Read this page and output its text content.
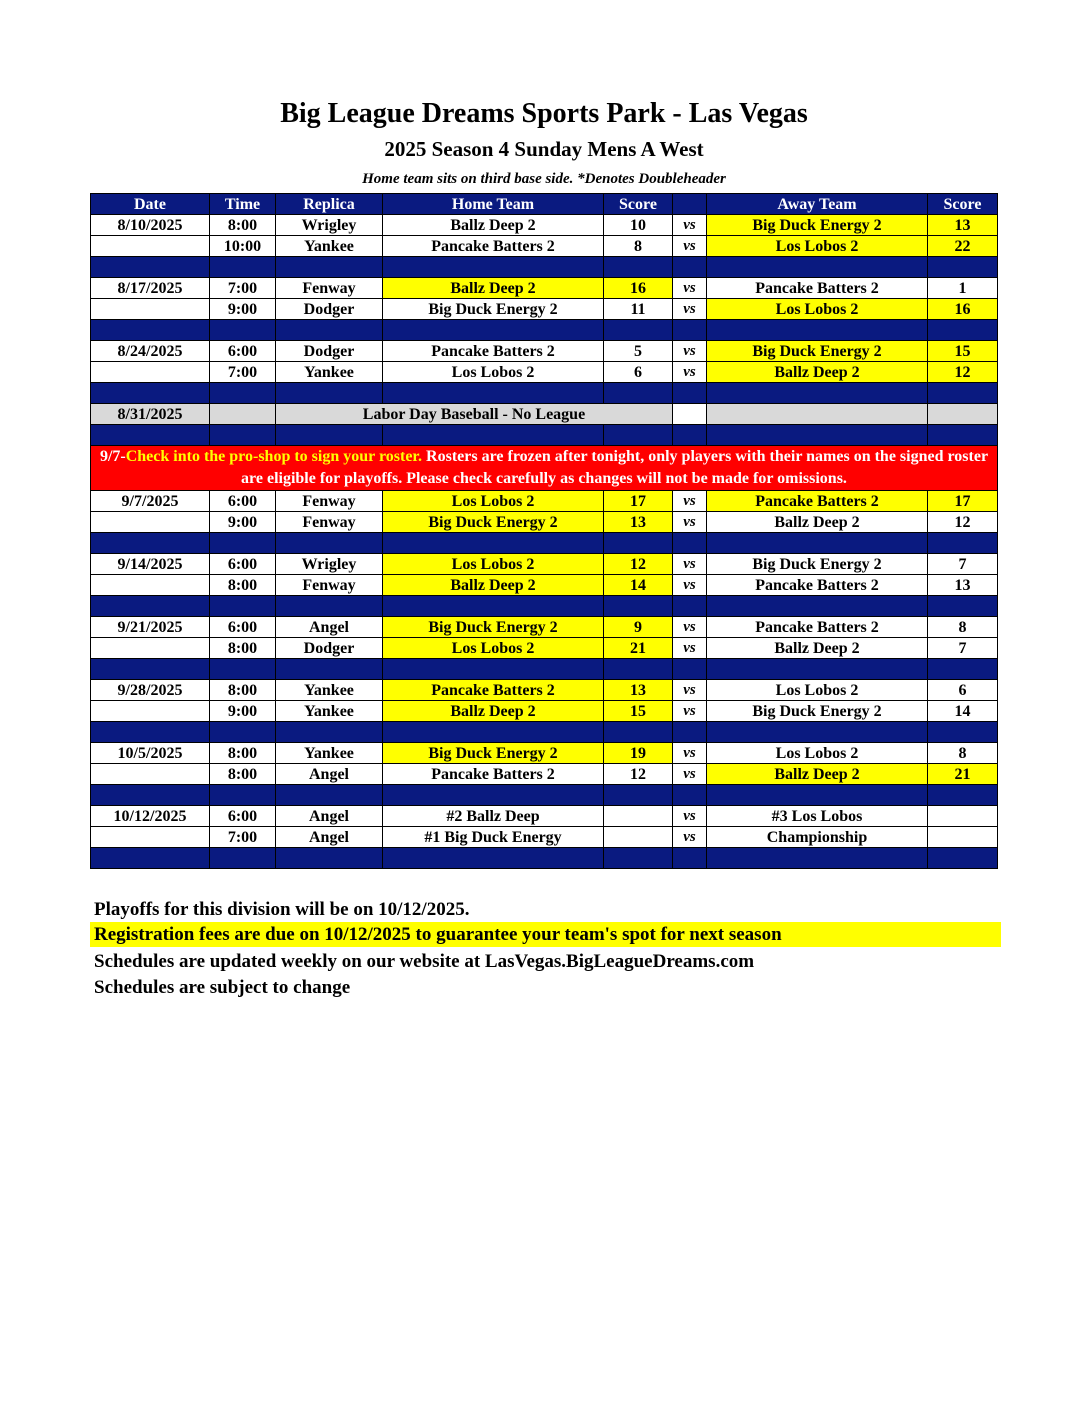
Big League Dreams Sports Park - Las Vegas
2025 Season 4 Sunday Mens A West
Home team sits on third base side. *Denotes Doubleheader
Date	Time	Replica	Home Team	Score		Away Team	Score
8/10/2025	8:00	Wrigley	Ballz Deep 2	10	vs	Big Duck Energy 2	13
	10:00	Yankee	Pancake Batters 2	8	vs	Los Lobos 2	22

8/17/2025	7:00	Fenway	Ballz Deep 2	16	vs	Pancake Batters 2	1
	9:00	Dodger	Big Duck Energy 2	11	vs	Los Lobos 2	16

8/24/2025	6:00	Dodger	Pancake Batters 2	5	vs	Big Duck Energy 2	15
	7:00	Yankee	Los Lobos 2	6	vs	Ballz Deep 2	12

8/31/2025		Labor Day Baseball - No League					

9/7-Check into the pro-shop to sign your roster. Rosters are frozen after tonight, only players with their names on the signed roster are eligible for playoffs. Please check carefully as changes will not be made for omissions.							
9/7/2025	6:00	Fenway	Los Lobos 2	17	vs	Pancake Batters 2	17
	9:00	Fenway	Big Duck Energy 2	13	vs	Ballz Deep 2	12

9/14/2025	6:00	Wrigley	Los Lobos 2	12	vs	Big Duck Energy 2	7
	8:00	Fenway	Ballz Deep 2	14	vs	Pancake Batters 2	13

9/21/2025	6:00	Angel	Big Duck Energy 2	9	vs	Pancake Batters 2	8
	8:00	Dodger	Los Lobos 2	21	vs	Ballz Deep 2	7

9/28/2025	8:00	Yankee	Pancake Batters 2	13	vs	Los Lobos 2	6
	9:00	Yankee	Ballz Deep 2	15	vs	Big Duck Energy 2	14

10/5/2025	8:00	Yankee	Big Duck Energy 2	19	vs	Los Lobos 2	8
	8:00	Angel	Pancake Batters 2	12	vs	Ballz Deep 2	21

10/12/2025	6:00	Angel	#2 Ballz Deep		vs	#3 Los Lobos	
	7:00	Angel	#1 Big Duck Energy		vs	Championship	

Playoffs for this division will be on 10/12/2025.
Registration fees are due on 10/12/2025 to guarantee your team's spot for next season
Schedules are updated weekly on our website at LasVegas.BigLeagueDreams.com
Schedules are subject to change
